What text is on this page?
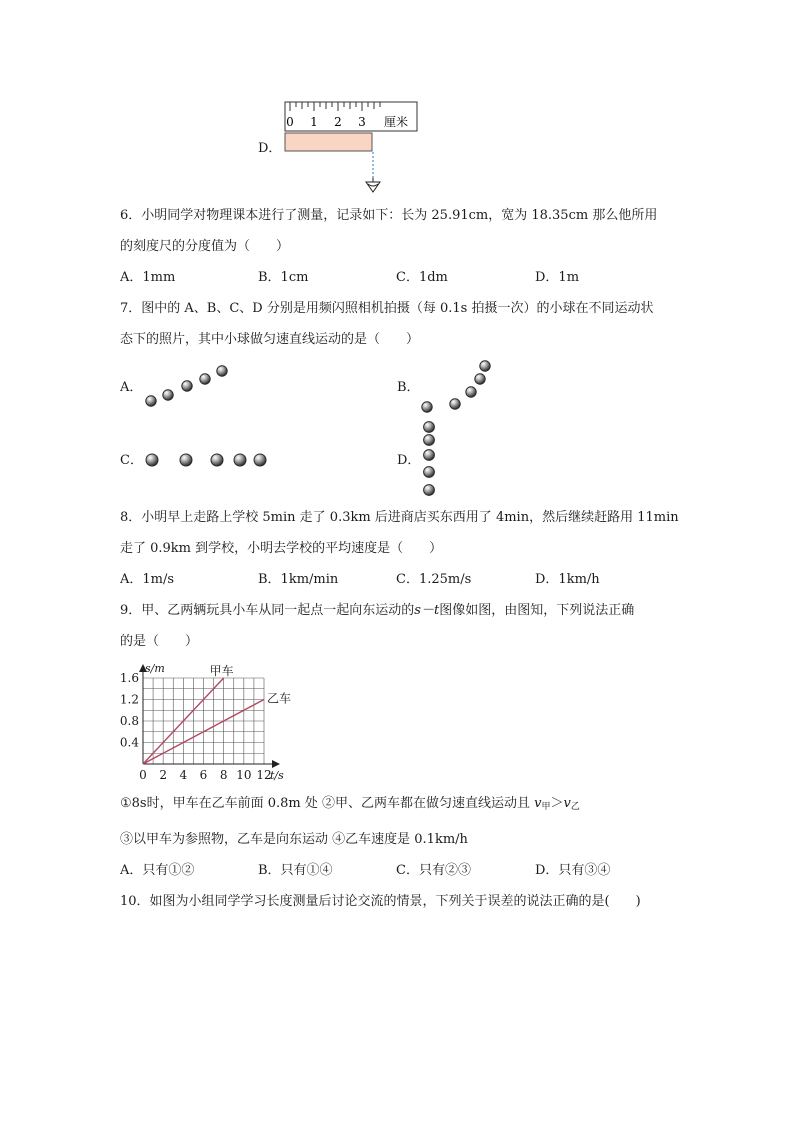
D．
0 1 2 3 厘米
6．小明同学对物理课本进行了测量，记录如下：长为 25.91cm，宽为 18.35cm 那么他所用
的刻度尺的分度值为（　　）
A．1mm	B．1cm	C．1dm	D．1m
7．图中的 A、B、C、D 分别是用频闪照相机拍摄（每 0.1s 拍摄一次）的小球在不同运动状
态下的照片，其中小球做匀速直线运动的是（　　）
A．	B．
C．	D．
8．小明早上走路上学校 5min 走了 0.3km 后进商店买东西用了 4min，然后继续赶路用 11min
走了 0.9km 到学校，小明去学校的平均速度是（　　）
A．1m/s	B．1km/min	C．1.25m/s	D．1km/h
9．甲、乙两辆玩具小车从同一起点一起向东运动的s－t图像如图，由图知，下列说法正确
的是（　　）
甲车
乙车
0 2 4 6 8 10 12
0.4
0.8
1.2
1.6
s/m
t/s
①8s时，甲车在乙车前面 0.8m 处 ②甲、乙两车都在做匀速直线运动且 $v_甲>v_乙$
③以甲车为参照物，乙车是向东运动 ④乙车速度是 0.1km/h
A．只有①②	B．只有①④	C．只有②③	D．只有③④
10．如图为小组同学学习长度测量后讨论交流的情景，下列关于误差的说法正确的是(　　)
